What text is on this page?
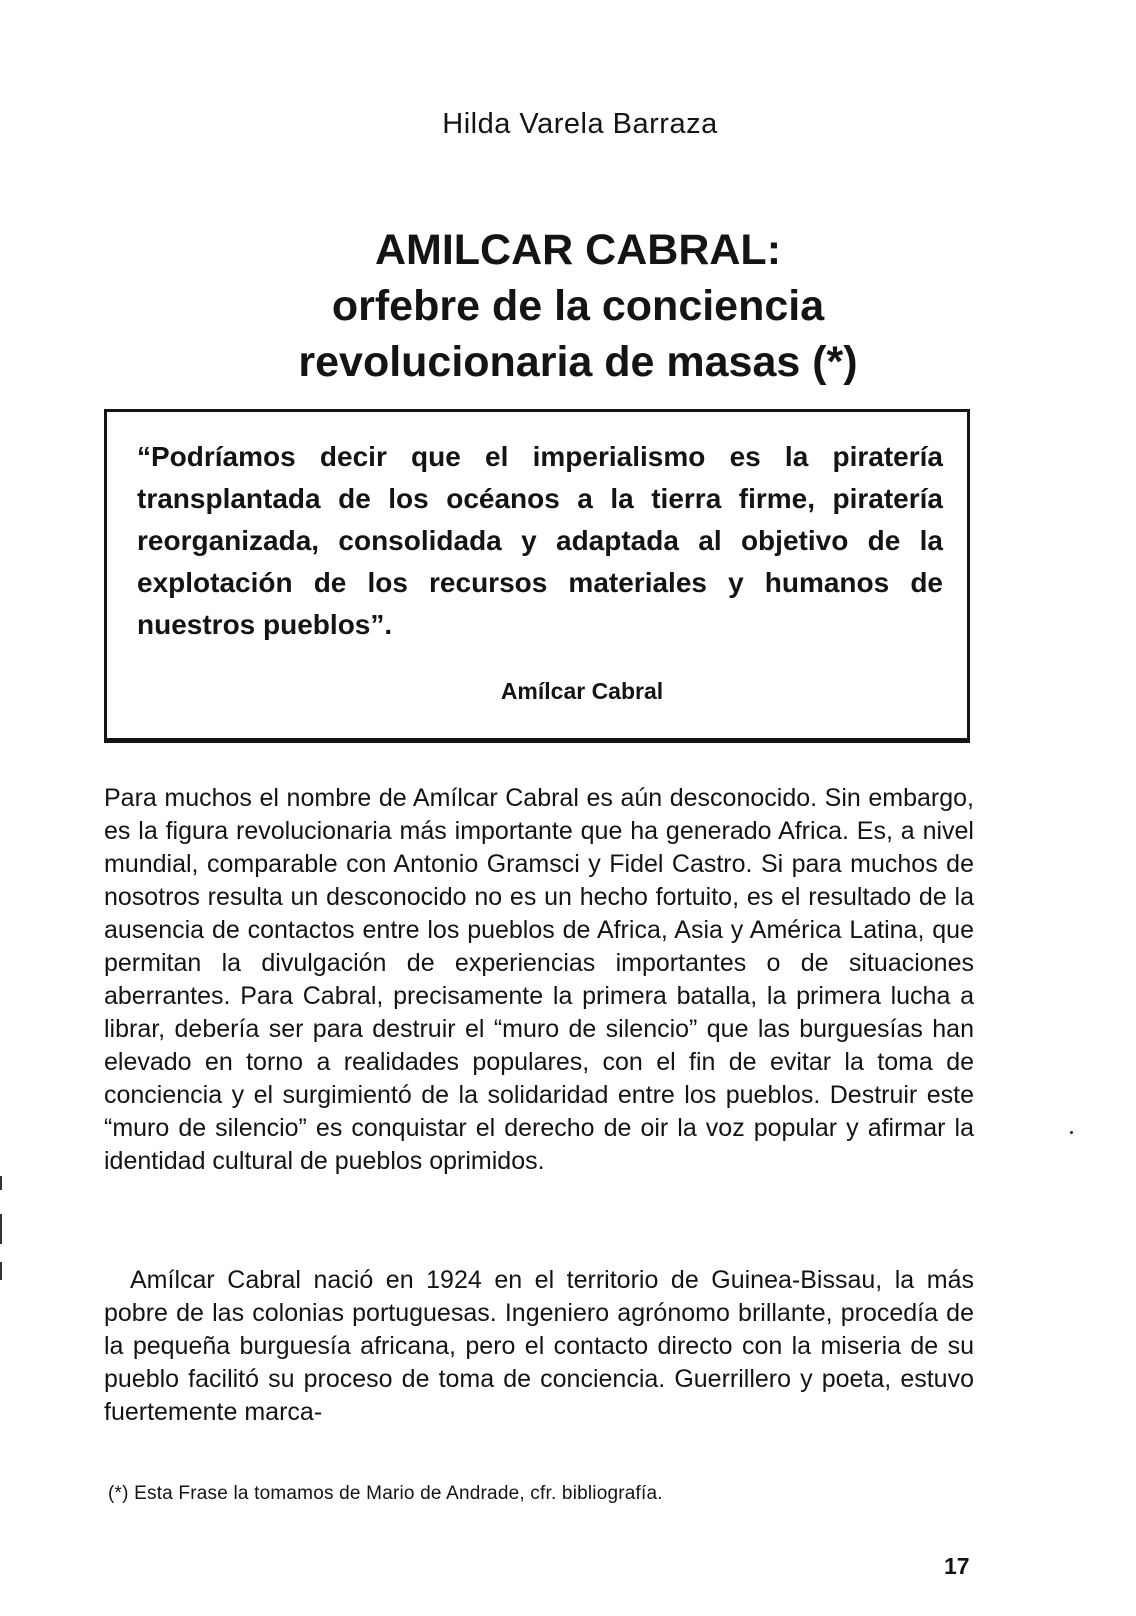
Hilda Varela Barraza
AMILCAR CABRAL:
orfebre de la conciencia
revolucionaria de masas (*)

“Podríamos decir que el imperialismo es la piratería transplantada de los océanos a la tierra firme, piratería reorganizada, consolidada y adaptada al objetivo de la explotación de los recursos materiales y humanos de nuestros pueblos”.

Amílcar Cabral

Para muchos el nombre de Amílcar Cabral es aún desconocido. Sin embargo, es la figura revolucionaria más importante que ha generado Africa. Es, a nivel mundial, comparable con Antonio Gramsci y Fidel Castro. Si para muchos de nosotros resulta un desconocido no es un hecho fortuito, es el resultado de la ausencia de contactos entre los pueblos de Africa, Asia y América Latina, que permitan la divulgación de experiencias importantes o de situaciones aberrantes. Para Cabral, precisamente la primera batalla, la primera lucha a librar, debería ser para destruir el “muro de silencio” que las burguesías han elevado en torno a realidades populares, con el fin de evitar la toma de conciencia y el surgimientó de la solidaridad entre los pueblos. Destruir este “muro de silencio” es conquistar el derecho de oir la voz popular y afirmar la identidad cultural de pueblos oprimidos.

Amílcar Cabral nació en 1924 en el territorio de Guinea-Bissau, la más pobre de las colonias portuguesas. Ingeniero agrónomo brillante, procedía de la pequeña burguesía africana, pero el contacto directo con la miseria de su pueblo facilitó su proceso de toma de conciencia. Guerrillero y poeta, estuvo fuertemente marca-

(*) Esta Frase la tomamos de Mario de Andrade, cfr. bibliografía.
17
